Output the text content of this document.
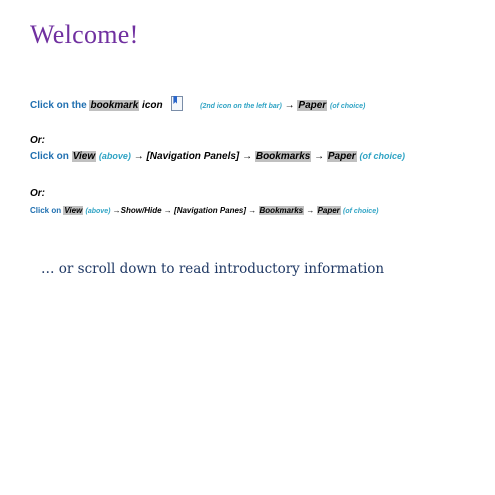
Welcome!
Click on the bookmark icon	(2nd icon on the left bar) → Paper (of choice)
Or:
Click on View (above) → [Navigation Panels] → Bookmarks → Paper (of choice)
Or:
Click on View (above) →Show/Hide → [Navigation Panes] → Bookmarks → Paper (of choice)
… or scroll down to read introductory information
